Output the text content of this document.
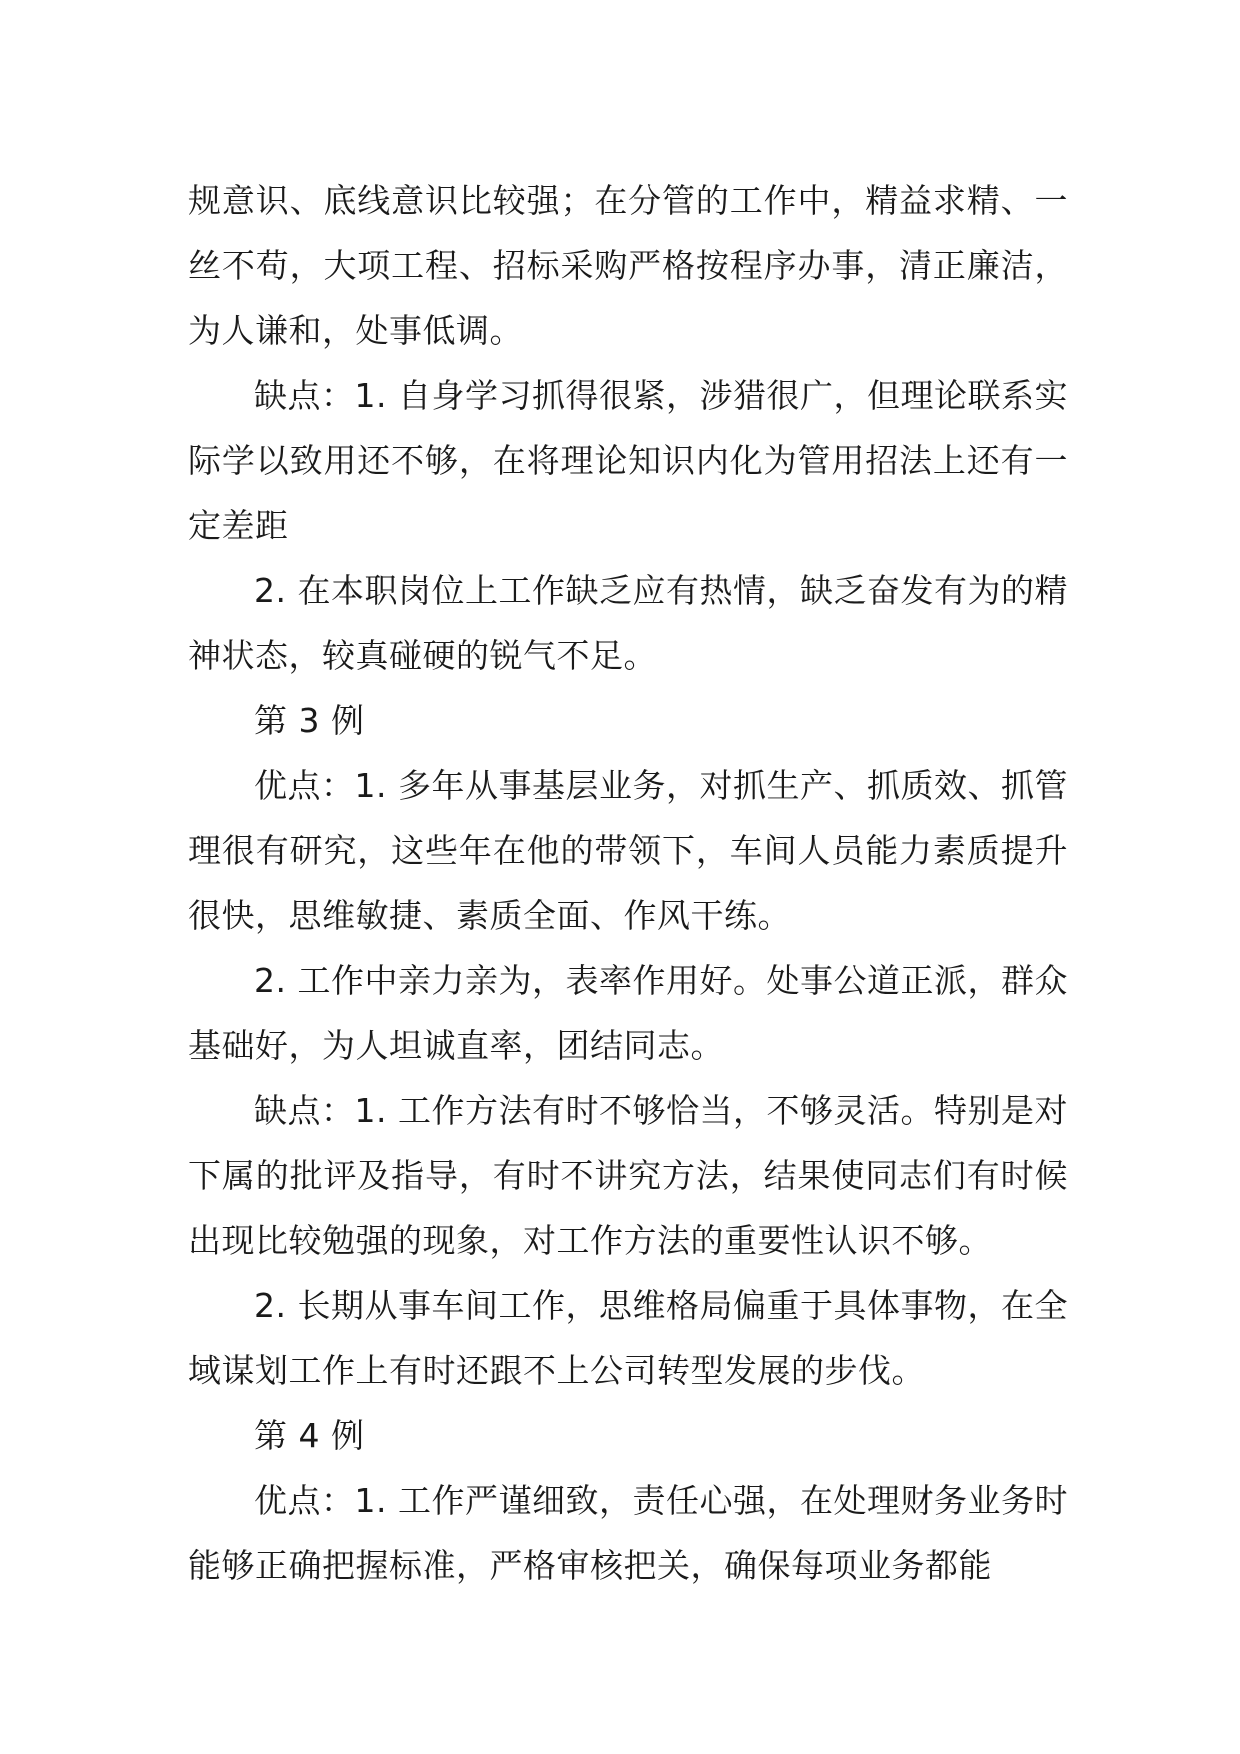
规意识、底线意识比较强；在分管的工作中，精益求精、一丝不苟，大项工程、招标采购严格按程序办事，清正廉洁，为人谦和，处事低调。

缺点：1. 自身学习抓得很紧，涉猎很广，但理论联系实际学以致用还不够，在将理论知识内化为管用招法上还有一定差距

2. 在本职岗位上工作缺乏应有热情，缺乏奋发有为的精神状态，较真碰硬的锐气不足。

第 3 例

优点：1. 多年从事基层业务，对抓生产、抓质效、抓管理很有研究，这些年在他的带领下，车间人员能力素质提升很快，思维敏捷、素质全面、作风干练。

2. 工作中亲力亲为，表率作用好。处事公道正派，群众基础好，为人坦诚直率，团结同志。

缺点：1. 工作方法有时不够恰当，不够灵活。特别是对下属的批评及指导，有时不讲究方法，结果使同志们有时候出现比较勉强的现象，对工作方法的重要性认识不够。

2. 长期从事车间工作，思维格局偏重于具体事物，在全域谋划工作上有时还跟不上公司转型发展的步伐。

第 4 例

优点：1. 工作严谨细致，责任心强，在处理财务业务时能够正确把握标准，严格审核把关，确保每项业务都能
